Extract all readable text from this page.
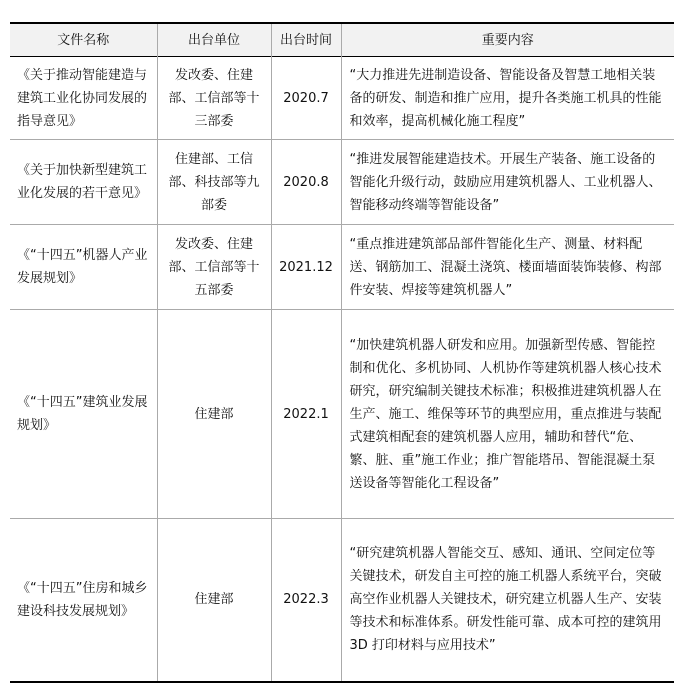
文件名称	出台单位	出台时间	重要内容
《关于推动智能建造与建筑工业化协同发展的指导意见》	发改委、住建部、工信部等十三部委	2020.7	“大力推进先进制造设备、智能设备及智慧工地相关装备的研发、制造和推广应用，提升各类施工机具的性能和效率，提高机械化施工程度”
《关于加快新型建筑工业化发展的若干意见》	住建部、工信部、科技部等九部委	2020.8	“推进发展智能建造技术。开展生产装备、施工设备的智能化升级行动，鼓励应用建筑机器人、工业机器人、智能移动终端等智能设备”
《“十四五”机器人产业发展规划》	发改委、住建部、工信部等十五部委	2021.12	“重点推进建筑部品部件智能化生产、测量、材料配送、钢筋加工、混凝土浇筑、楼面墙面装饰装修、构部件安装、焊接等建筑机器人”
《“十四五”建筑业发展规划》	住建部	2022.1	“加快建筑机器人研发和应用。加强新型传感、智能控制和优化、多机协同、人机协作等建筑机器人核心技术研究，研究编制关键技术标准；积极推进建筑机器人在生产、施工、维保等环节的典型应用，重点推进与装配式建筑相配套的建筑机器人应用，辅助和替代“危、繁、脏、重”施工作业；推广智能塔吊、智能混凝土泵送设备等智能化工程设备”
《“十四五”住房和城乡建设科技发展规划》	住建部	2022.3	“研究建筑机器人智能交互、感知、通讯、空间定位等关键技术，研发自主可控的施工机器人系统平台，突破高空作业机器人关键技术，研究建立机器人生产、安装等技术和标准体系。研发性能可靠、成本可控的建筑用 3D 打印材料与应用技术”
